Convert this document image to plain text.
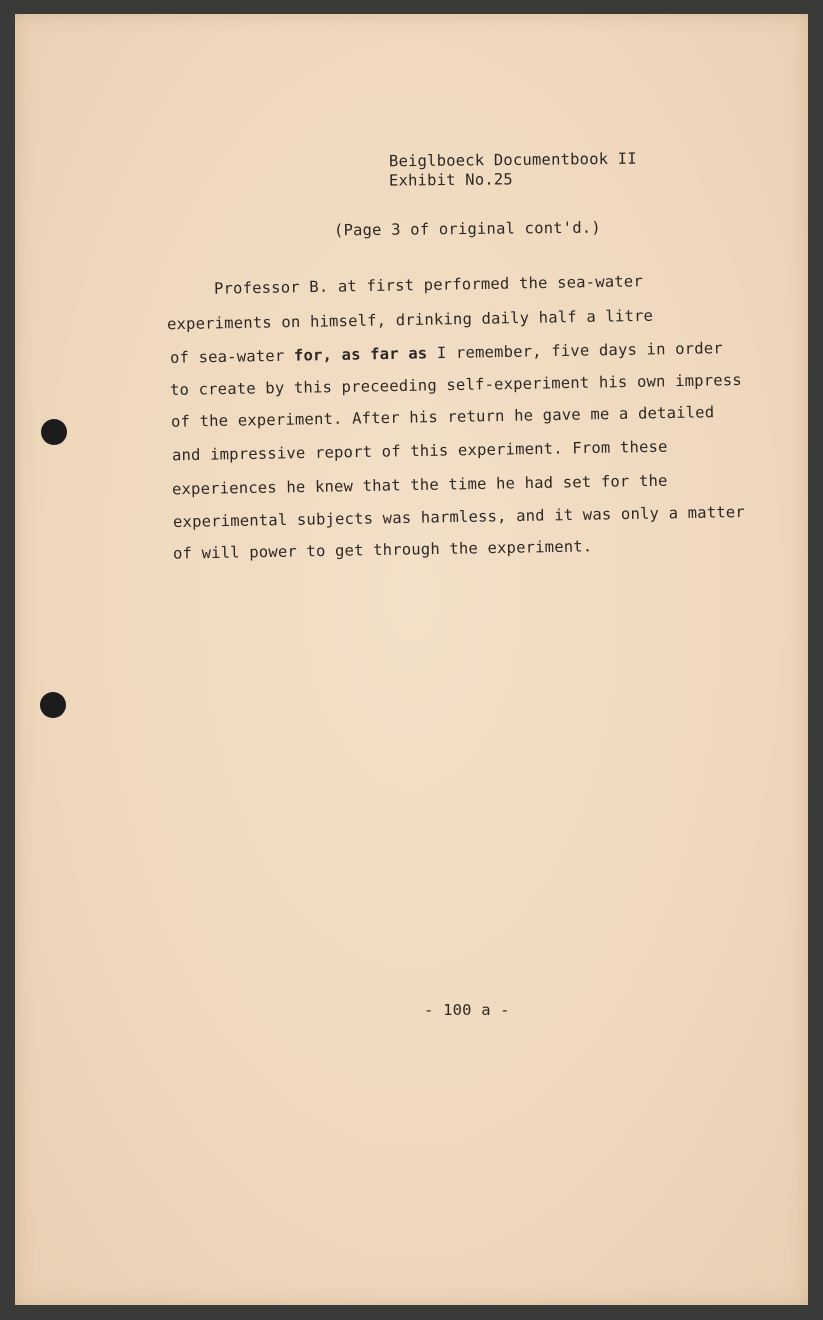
Beiglboeck Documentbook II

Exhibit No.25

(Page 3 of original cont'd.)

Professor B. at first performed the sea-water

experiments on himself, drinking daily half a litre

of sea-water for, as far as I remember, five days in order

to create by this preceeding self-experiment his own impress

of the experiment. After his return he gave me a detailed

and impressive report of this experiment. From these

experiences he knew that the time he had set for the

experimental subjects was harmless, and it was only a matter

of will power to get through the experiment.

- 100 a -
